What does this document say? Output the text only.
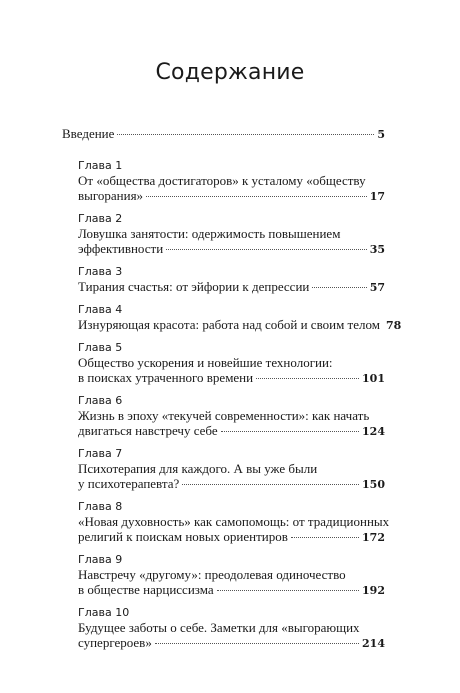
Содержание
Введение	5
Глава 1
От «общества достигаторов» к усталому «обществу
выгорания»	17
Глава 2
Ловушка занятости: одержимость повышением
эффективности	35
Глава 3
Тирания счастья: от эйфории к депрессии	57
Глава 4
Изнуряющая красота: работа над собой и своим телом 78
Глава 5
Общество ускорения и новейшие технологии:
в поисках утраченного времени	101
Глава 6
Жизнь в эпоху «текучей современности»: как начать
двигаться навстречу себе	124
Глава 7
Психотерапия для каждого. А вы уже были
у психотерапевта?	150
Глава 8
«Новая духовность» как самопомощь: от традиционных
религий к поискам новых ориентиров	172
Глава 9
Навстречу «другому»: преодолевая одиночество
в обществе нарциссизма	192
Глава 10
Будущее заботы о себе. Заметки для «выгорающих
супергероев»	214
